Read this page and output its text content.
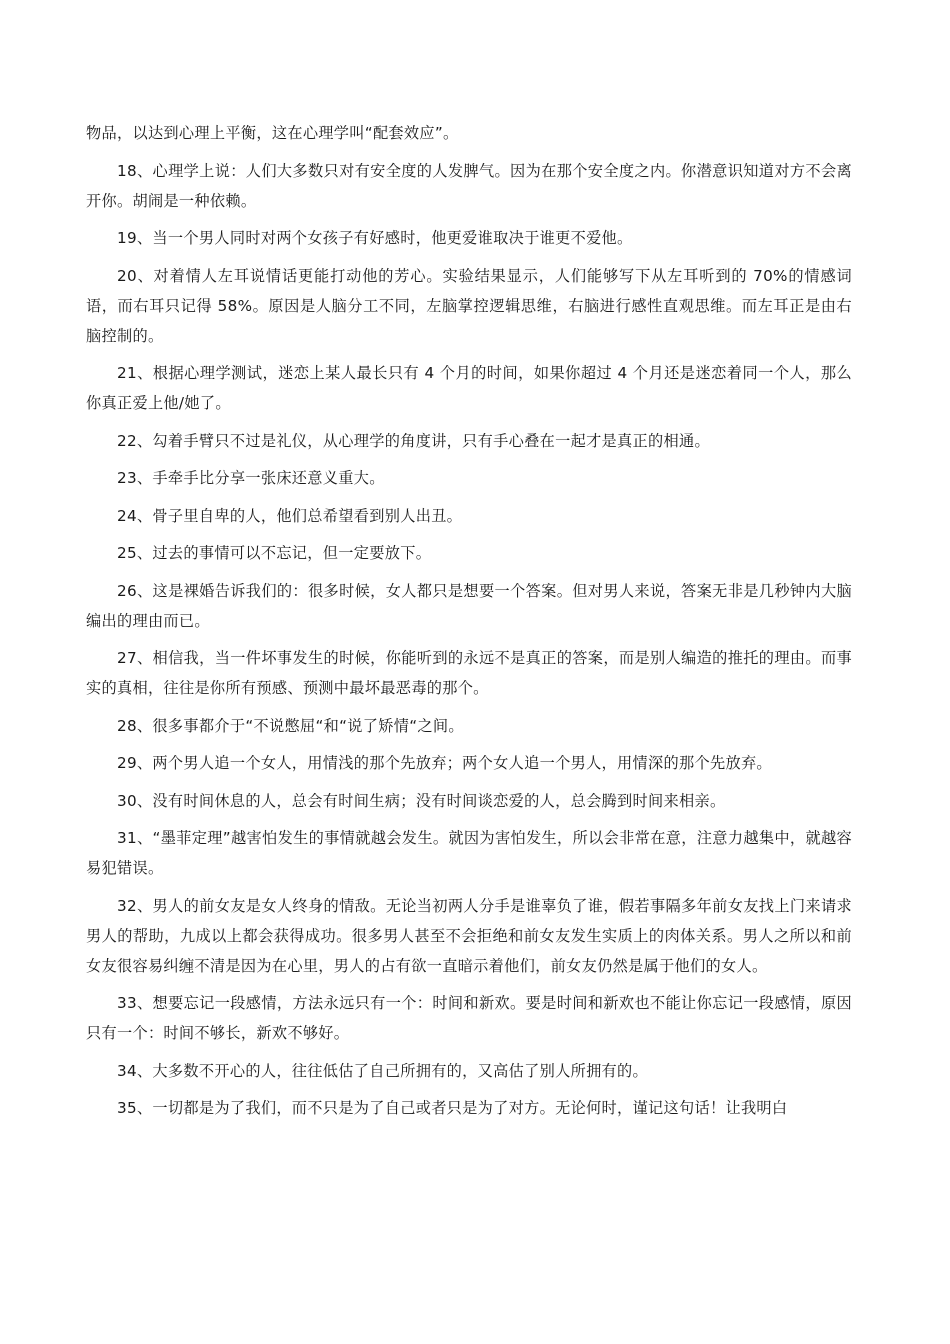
物品，以达到心理上平衡，这在心理学叫“配套效应”。

18、心理学上说：人们大多数只对有安全度的人发脾气。因为在那个安全度之内。你潜意识知道对方不会离开你。胡闹是一种依赖。

19、当一个男人同时对两个女孩子有好感时，他更爱谁取决于谁更不爱他。

20、对着情人左耳说情话更能打动他的芳心。实验结果显示，人们能够写下从左耳听到的 70%的情感词语，而右耳只记得 58%。原因是人脑分工不同，左脑掌控逻辑思维，右脑进行感性直观思维。而左耳正是由右脑控制的。

21、根据心理学测试，迷恋上某人最长只有 4 个月的时间，如果你超过 4 个月还是迷恋着同一个人，那么你真正爱上他/她了。

22、勾着手臂只不过是礼仪，从心理学的角度讲，只有手心叠在一起才是真正的相通。

23、手牵手比分享一张床还意义重大。

24、骨子里自卑的人，他们总希望看到别人出丑。

25、过去的事情可以不忘记，但一定要放下。

26、这是裸婚告诉我们的：很多时候，女人都只是想要一个答案。但对男人来说，答案无非是几秒钟内大脑编出的理由而已。

27、相信我，当一件坏事发生的时候，你能听到的永远不是真正的答案，而是别人编造的推托的理由。而事实的真相，往往是你所有预感、预测中最坏最恶毒的那个。

28、很多事都介于“不说憋屈“和“说了矫情“之间。

29、两个男人追一个女人，用情浅的那个先放弃；两个女人追一个男人，用情深的那个先放弃。

30、没有时间休息的人，总会有时间生病；没有时间谈恋爱的人，总会腾到时间来相亲。

31、“墨菲定理”越害怕发生的事情就越会发生。就因为害怕发生，所以会非常在意，注意力越集中，就越容易犯错误。

32、男人的前女友是女人终身的情敌。无论当初两人分手是谁辜负了谁，假若事隔多年前女友找上门来请求男人的帮助，九成以上都会获得成功。很多男人甚至不会拒绝和前女友发生实质上的肉体关系。男人之所以和前女友很容易纠缠不清是因为在心里，男人的占有欲一直暗示着他们，前女友仍然是属于他们的女人。

33、想要忘记一段感情，方法永远只有一个：时间和新欢。要是时间和新欢也不能让你忘记一段感情，原因只有一个：时间不够长，新欢不够好。

34、大多数不开心的人，往往低估了自己所拥有的，又高估了别人所拥有的。

35、一切都是为了我们，而不只是为了自己或者只是为了对方。无论何时，谨记这句话！让我明白
